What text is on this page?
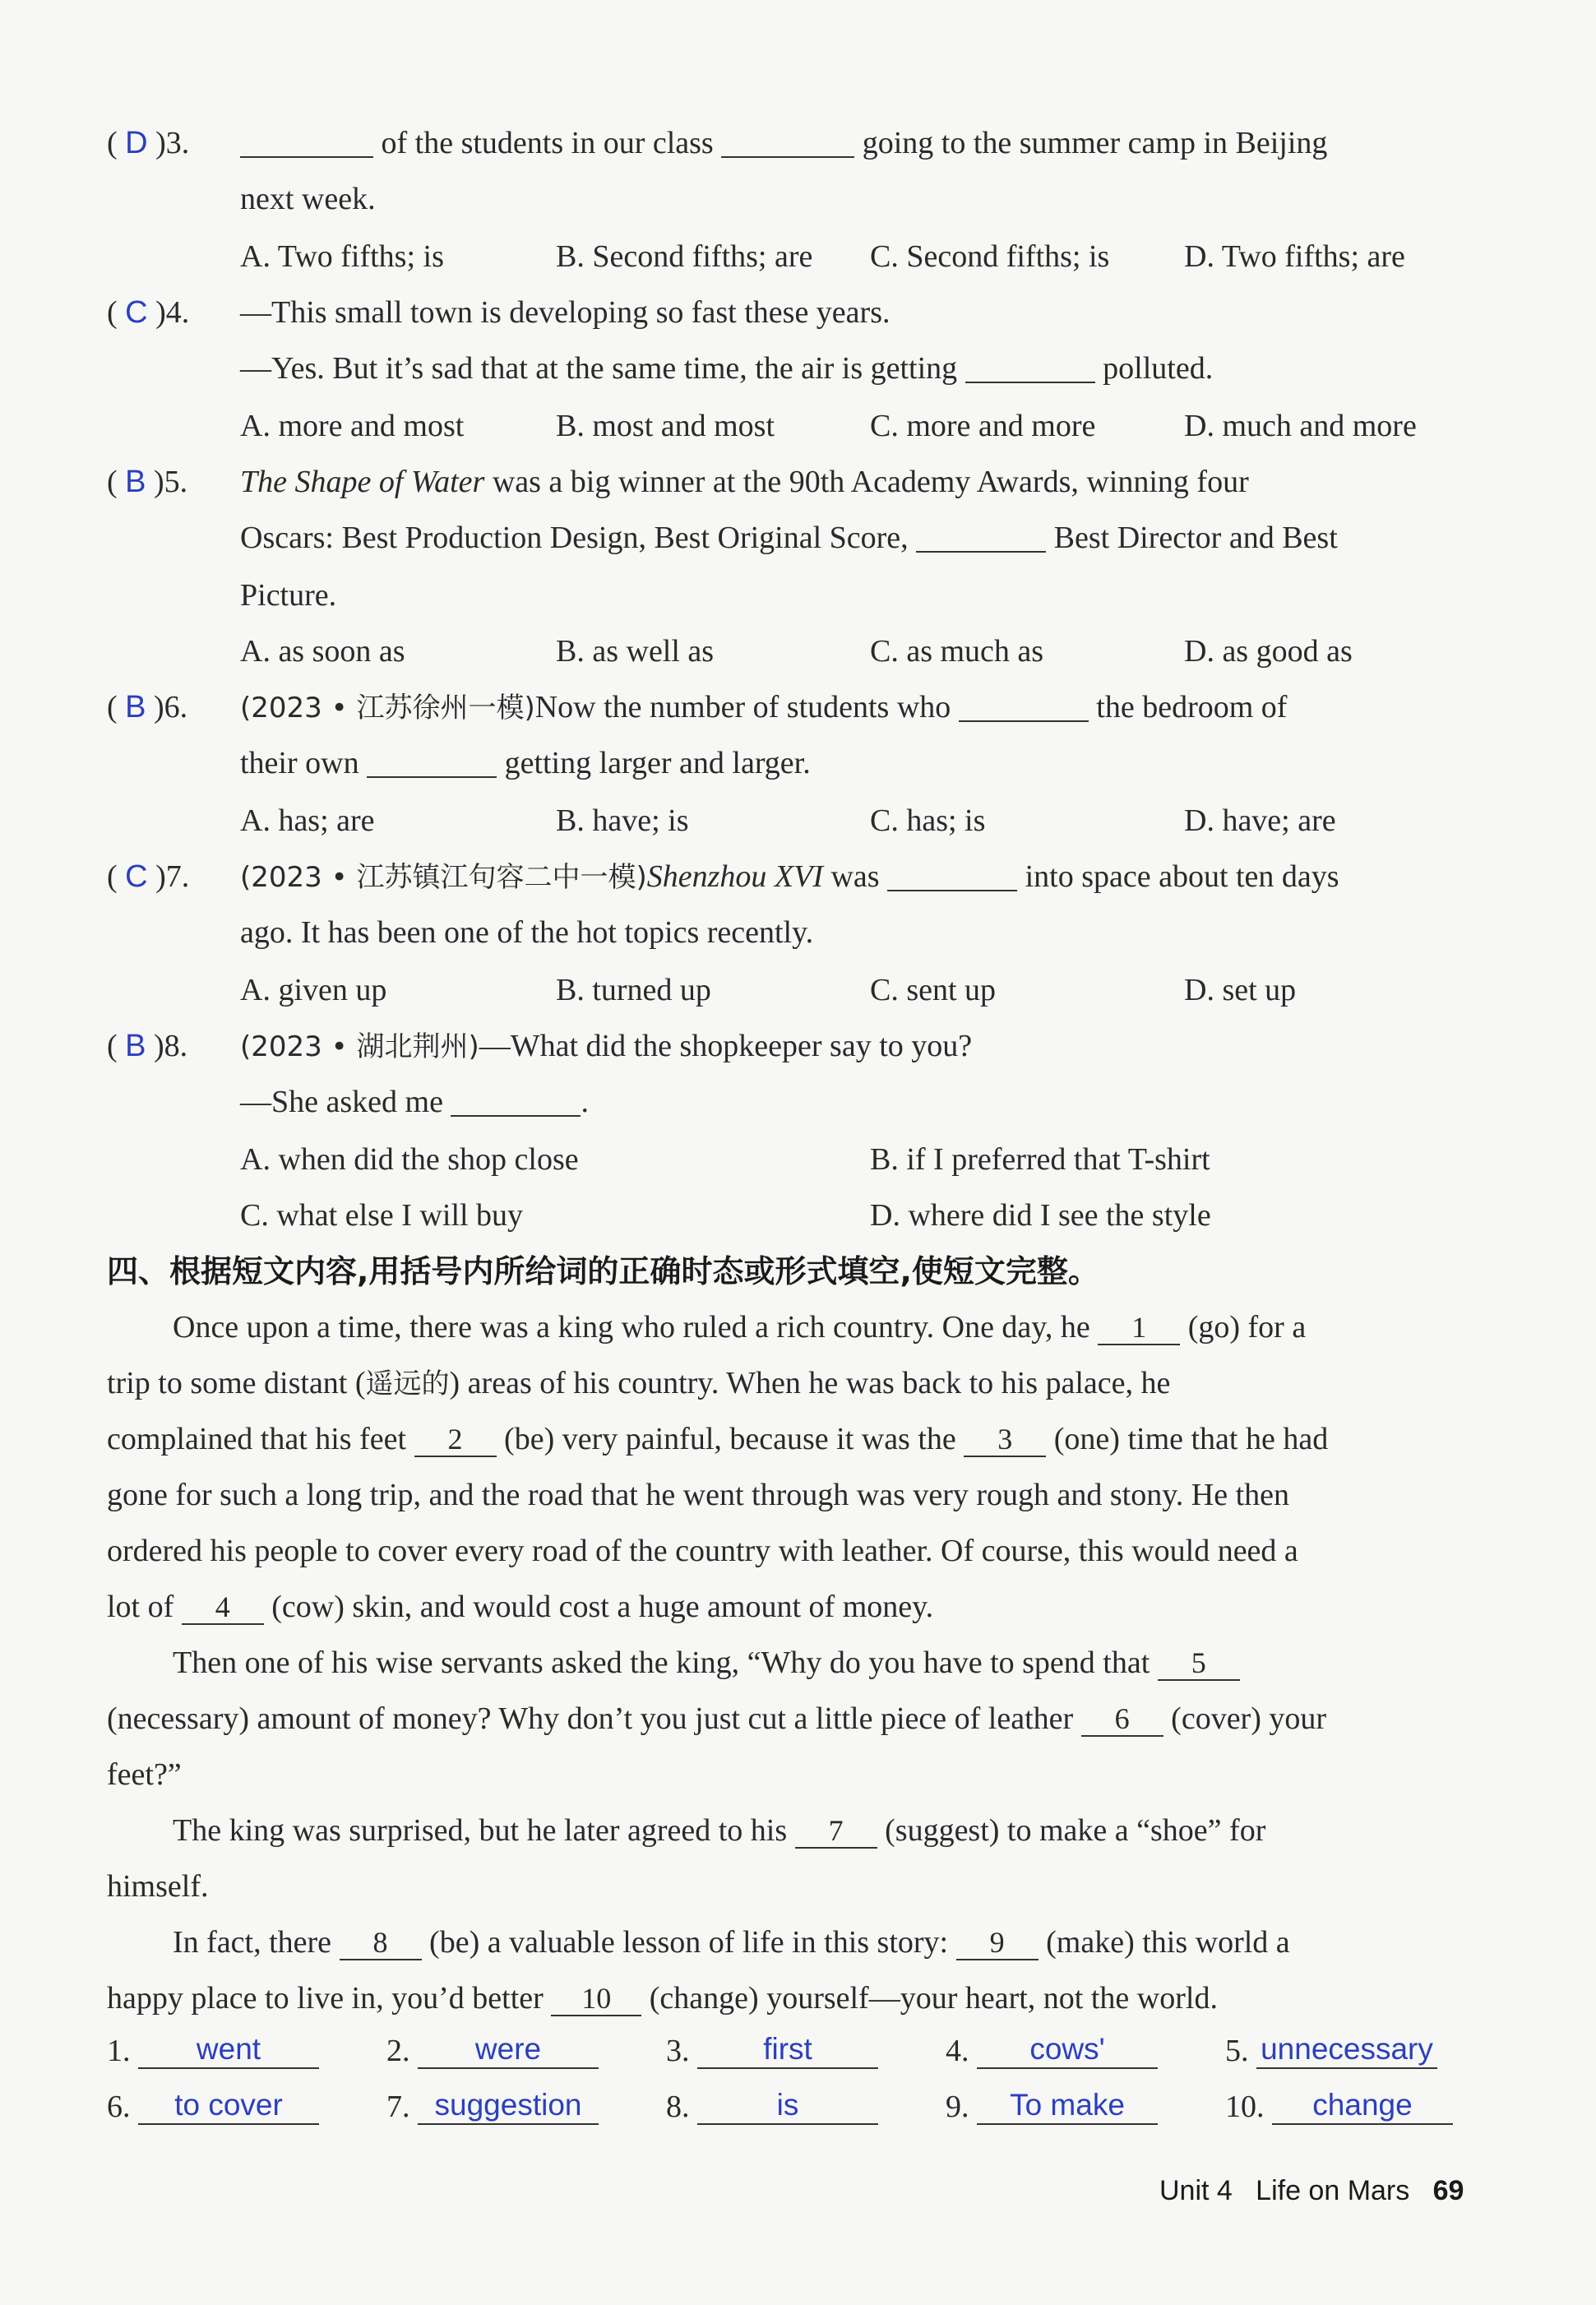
( D )3.	of the students in our class	going to the summer camp in Beijing
next week.
A. Two fifths; is	B. Second fifths; are C. Second fifths; is D. Two fifths; are
( C )4. —This small town is developing so fast these years.
—Yes. But it’s sad that at the same time, the air is getting	polluted.
A. more and most	B. most and most	C. more and more	D. much and more
( B )5. The Shape of Water was a big winner at the 90th Academy Awards, winning four
Oscars: Best Production Design, Best Original Score,	Best Director and Best
Picture.
A. as soon as	B. as well as	C. as much as	D. as good as
( B )6. (2023 • 江苏徐州一模)Now the number of students who	the bedroom of
their own	getting larger and larger.
A. has; are	B. have; is	C. has; is	D. have; are
( C )7. (2023 • 江苏镇江句容二中一模)Shenzhou XVI was	into space about ten days
ago. It has been one of the hot topics recently.
A. given up	B. turned up	C. sent up	D. set up
( B )8. (2023 • 湖北荆州)—What did the shopkeeper say to you?
—She asked me	.
A. when did the shop close	B. if I preferred that T-shirt
C. what else I will buy	D. where did I see the style
四、根据短文内容,用括号内所给词的正确时态或形式填空,使短文完整。
Once upon a time, there was a king who ruled a rich country. One day, he 1 (go) for a
trip to some distant (遥远的) areas of his country. When he was back to his palace, he
complained that his feet 2 (be) very painful, because it was the 3 (one) time that he had
gone for such a long trip, and the road that he went through was very rough and stony. He then
ordered his people to cover every road of the country with leather. Of course, this would need a
lot of 4 (cow) skin, and would cost a huge amount of money.
Then one of his wise servants asked the king, “Why do you have to spend that 5
(necessary) amount of money? Why don’t you just cut a little piece of leather 6 (cover) your
feet?”
The king was surprised, but he later agreed to his 7 (suggest) to make a “shoe” for
himself.
In fact, there 8 (be) a valuable lesson of life in this story: 9 (make) this world a
happy place to live in, you’d better 10 (change) yourself—your heart, not the world.
1. went	2. were	3. first	4. cows'	5. unnecessary
6. to cover	7. suggestion	8.	is	9. To make	10. change
Unit 4 Life on Mars 69
